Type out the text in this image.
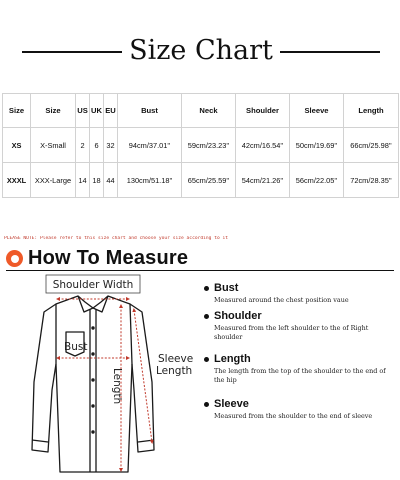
Size Chart
Size	Size	US	UK	EU	Bust	Neck	Shoulder	Sleeve	Length
XS	X-Small	2	6	32	94cm/37.01''	59cm/23.23''	42cm/16.54''	50cm/19.69''	66cm/25.98''
XXXL	XXX-Large	14	18	44	130cm/51.18''	65cm/25.59''	54cm/21.26''	56cm/22.05''	72cm/28.35''
PLEASE NOTE: Please refer to this size chart and choose your size according to it
How To Measure
Shoulder Width
Bust
Sleeve
Length
Length
Bust
Measured around the chest position vaue
Shoulder
Measured from the left shoulder to the of Right shoulder
Length
The length from the top of the shoulder to the end of the hip
Sleeve
Measured from the shoulder to the end of sleeve
